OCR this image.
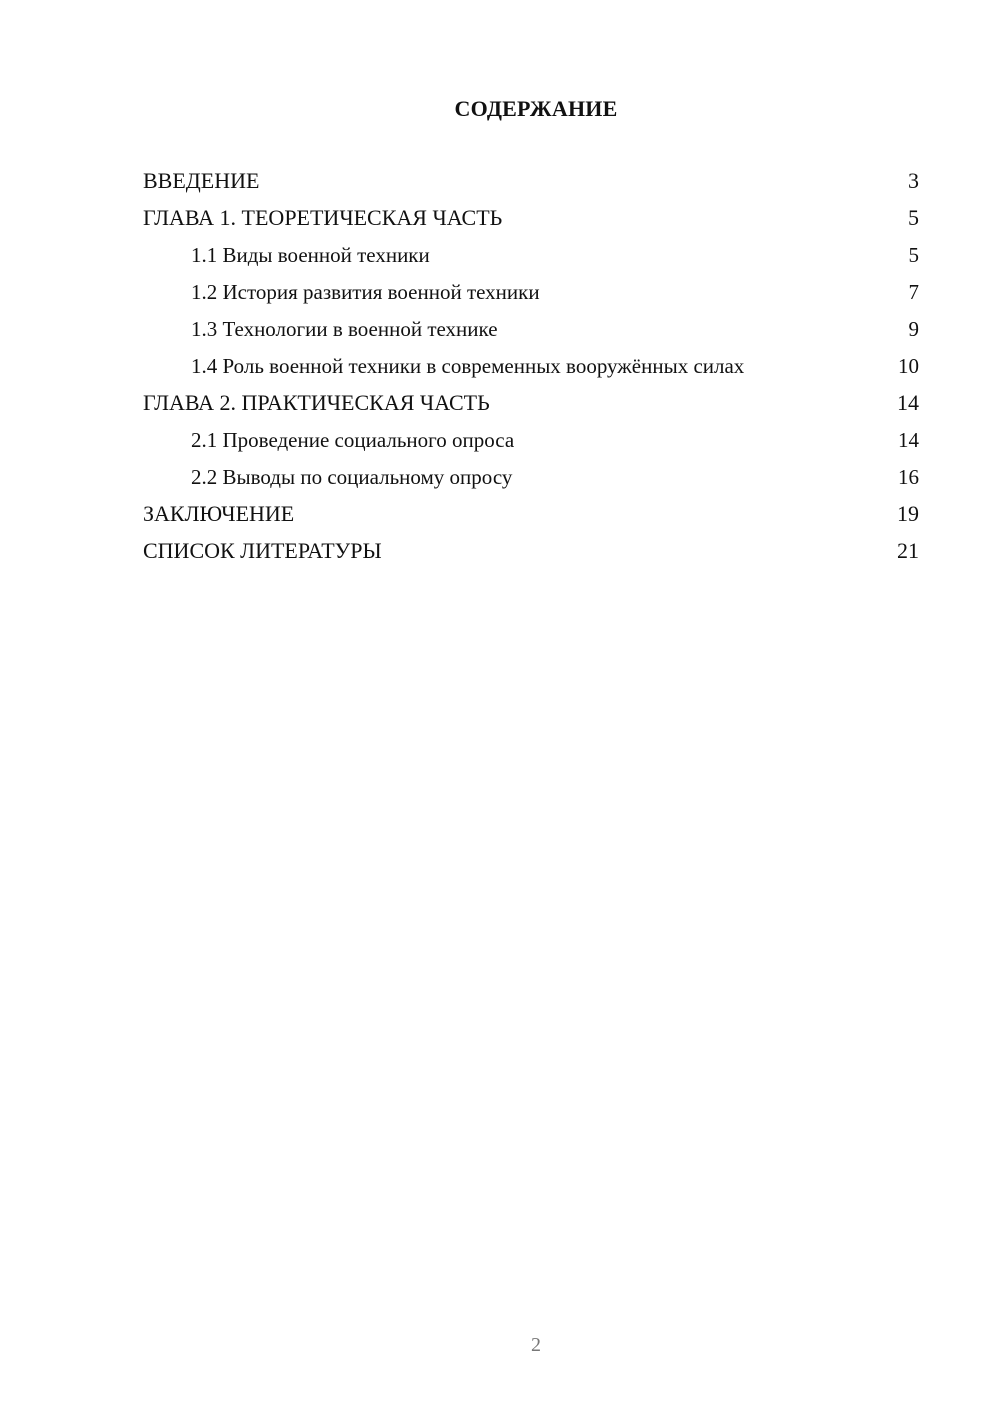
СОДЕРЖАНИЕ
ВВЕДЕНИЕ	3
ГЛАВА 1. ТЕОРЕТИЧЕСКАЯ ЧАСТЬ	5
1.1 Виды военной техники	5
1.2 История развития военной техники	7
1.3 Технологии в военной технике	9
1.4 Роль военной техники в современных вооружённых силах	10
ГЛАВА 2. ПРАКТИЧЕСКАЯ ЧАСТЬ	14
2.1 Проведение социального опроса	14
2.2 Выводы по социальному опросу	16
ЗАКЛЮЧЕНИЕ	19
СПИСОК ЛИТЕРАТУРЫ	21
2
